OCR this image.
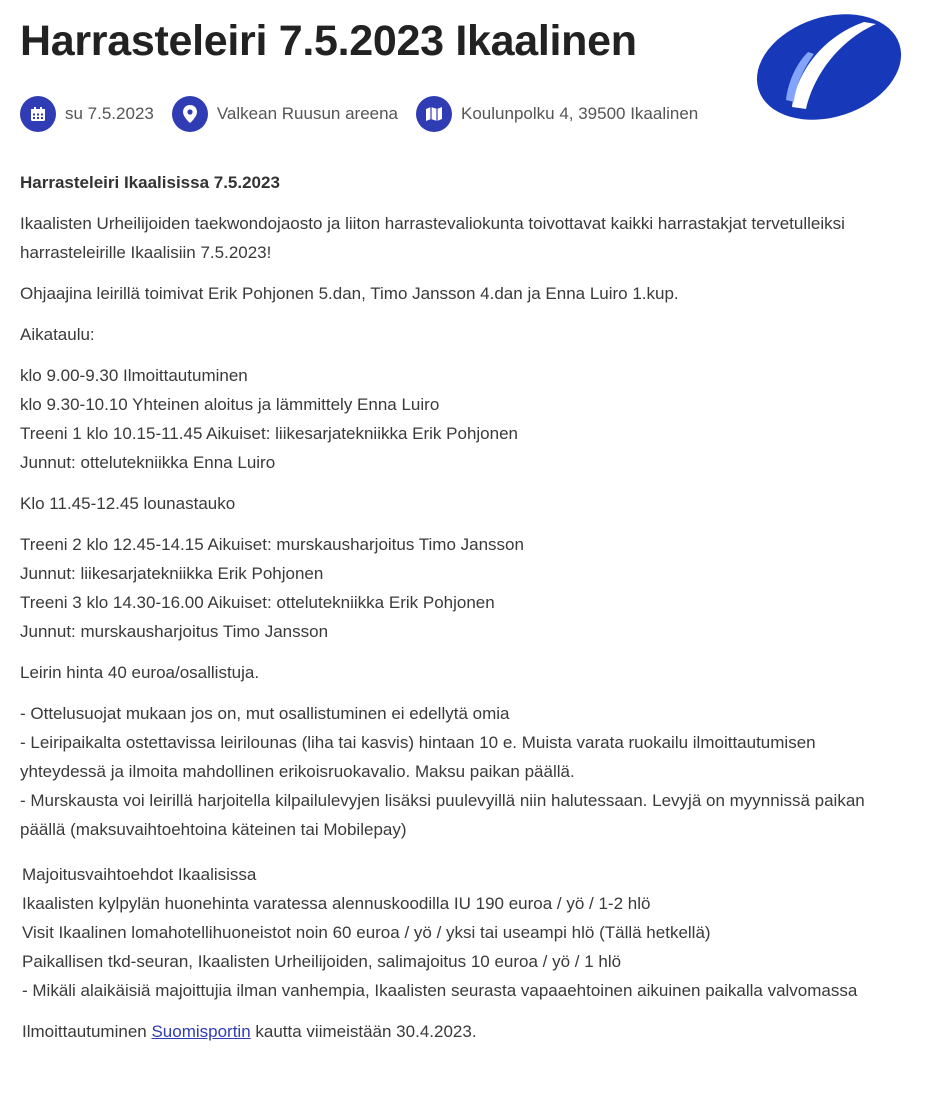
Harrasteleiri 7.5.2023 Ikaalinen
su 7.5.2023	Valkean Ruusun areena	Koulunpolku 4, 39500 Ikaalinen

Harrasteleiri Ikaalisissa 7.5.2023

Ikaalisten Urheilijoiden taekwondojaosto ja liiton harrastevaliokunta toivottavat kaikki harrastakjat tervetulleiksi harrasteleirille Ikaalisiin 7.5.2023!

Ohjaajina leirillä toimivat Erik Pohjonen 5.dan, Timo Jansson 4.dan ja Enna Luiro 1.kup.

Aikataulu:

klo 9.00-9.30 Ilmoittautuminen
klo 9.30-10.10 Yhteinen aloitus ja lämmittely Enna Luiro
Treeni 1 klo 10.15-11.45 Aikuiset: liikesarjatekniikka Erik Pohjonen
Junnut: ottelutekniikka Enna Luiro

Klo 11.45-12.45 lounastauko

Treeni 2 klo 12.45-14.15 Aikuiset: murskausharjoitus Timo Jansson
Junnut: liikesarjatekniikka Erik Pohjonen
Treeni 3 klo 14.30-16.00 Aikuiset: ottelutekniikka Erik Pohjonen
Junnut: murskausharjoitus Timo Jansson

Leirin hinta 40 euroa/osallistuja.

- Ottelusuojat mukaan jos on, mut osallistuminen ei edellytä omia
- Leiripaikalta ostettavissa leirilounas (liha tai kasvis) hintaan 10 e. Muista varata ruokailu ilmoittautumisen yhteydessä ja ilmoita mahdollinen erikoisruokavalio. Maksu paikan päällä.
- Murskausta voi leirillä harjoitella kilpailulevyjen lisäksi puulevyillä niin halutessaan. Levyjä on myynnissä paikan päällä (maksuvaihtoehtoina käteinen tai Mobilepay)
Majoitusvaihtoehdot Ikaalisissa
Ikaalisten kylpylän huonehinta varatessa alennuskoodilla IU 190 euroa / yö / 1-2 hlö
Visit Ikaalinen lomahotellihuoneistot noin 60 euroa / yö / yksi tai useampi hlö (Tällä hetkellä)
Paikallisen tkd-seuran, Ikaalisten Urheilijoiden, salimajoitus 10 euroa / yö / 1 hlö
- Mikäli alaikäisiä majoittujia ilman vanhempia, Ikaalisten seurasta vapaaehtoinen aikuinen paikalla valvomassa

Ilmoittautuminen Suomisportin kautta viimeistään 30.4.2023.
